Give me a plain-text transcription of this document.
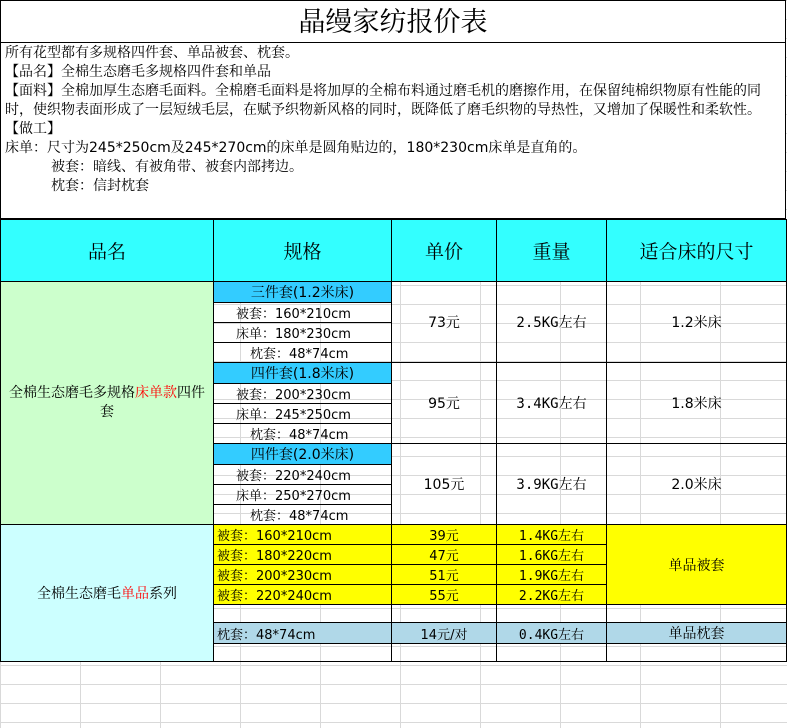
晶缦家纺报价表
所有花型都有多规格四件套、单品被套、枕套。
【品名】全棉生态磨毛多规格四件套和单品
【面料】全棉加厚生态磨毛面料。全棉磨毛面料是将加厚的全棉布料通过磨毛机的磨擦作用，在保留纯棉织物原有性能的同时，使织物表面形成了一层短绒毛层，在赋予织物新风格的同时，既降低了磨毛织物的导热性，又增加了保暖性和柔软性。
【做工】
床单：尺寸为245*250cm及245*270cm的床单是圆角贴边的，180*230cm床单是直角的。
被套：暗线、有被角带、被套内部拷边。
枕套：信封枕套
品名	规格	单价	重量	适合床的尺寸
全棉生态磨毛多规格床单款四件套	三件套(1.2米床)	73元	2.5KG左右	1.2米床
	被套：160*210cm			
	床单：180*230cm			
	枕套：48*74cm			
	四件套(1.8米床)	95元	3.4KG左右	1.8米床
	被套：200*230cm			
	床单：245*250cm			
	枕套：48*74cm			
	四件套(2.0米床)	105元	3.9KG左右	2.0米床
	被套：220*240cm			
	床单：250*270cm			
	枕套：48*74cm			
全棉生态磨毛单品系列	被套：160*210cm	39元	1.4KG左右	单品被套
	被套：180*220cm	47元	1.6KG左右	
	被套：200*230cm	51元	1.9KG左右	
	被套：220*240cm	55元	2.2KG左右	

	枕套：48*74cm	14元/对	0.4KG左右	单品枕套
